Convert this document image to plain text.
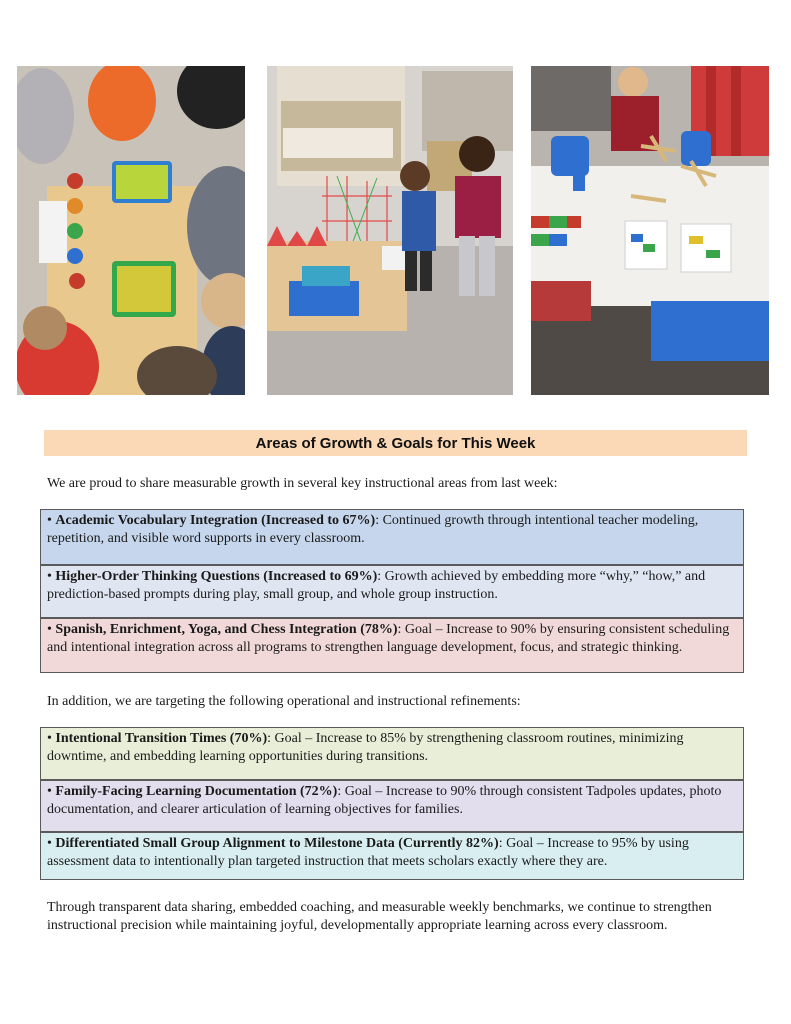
Areas of Growth & Goals for This Week

We are proud to share measurable growth in several key instructional areas from last week:

• Academic Vocabulary Integration (Increased to 67%): Continued growth through intentional teacher modeling, repetition, and visible word supports in every classroom.
• Higher-Order Thinking Questions (Increased to 69%): Growth achieved by embedding more “why,” “how,” and prediction-based prompts during play, small group, and whole group instruction.
• Spanish, Enrichment, Yoga, and Chess Integration (78%): Goal – Increase to 90% by ensuring consistent scheduling and intentional integration across all programs to strengthen language development, focus, and strategic thinking.

In addition, we are targeting the following operational and instructional refinements:

• Intentional Transition Times (70%): Goal – Increase to 85% by strengthening classroom routines, minimizing downtime, and embedding learning opportunities during transitions.
• Family-Facing Learning Documentation (72%): Goal – Increase to 90% through consistent Tadpoles updates, photo documentation, and clearer articulation of learning objectives for families.
• Differentiated Small Group Alignment to Milestone Data (Currently 82%): Goal – Increase to 95% by using assessment data to intentionally plan targeted instruction that meets scholars exactly where they are.

Through transparent data sharing, embedded coaching, and measurable weekly benchmarks, we continue to strengthen instructional precision while maintaining joyful, developmentally appropriate learning across every classroom.
